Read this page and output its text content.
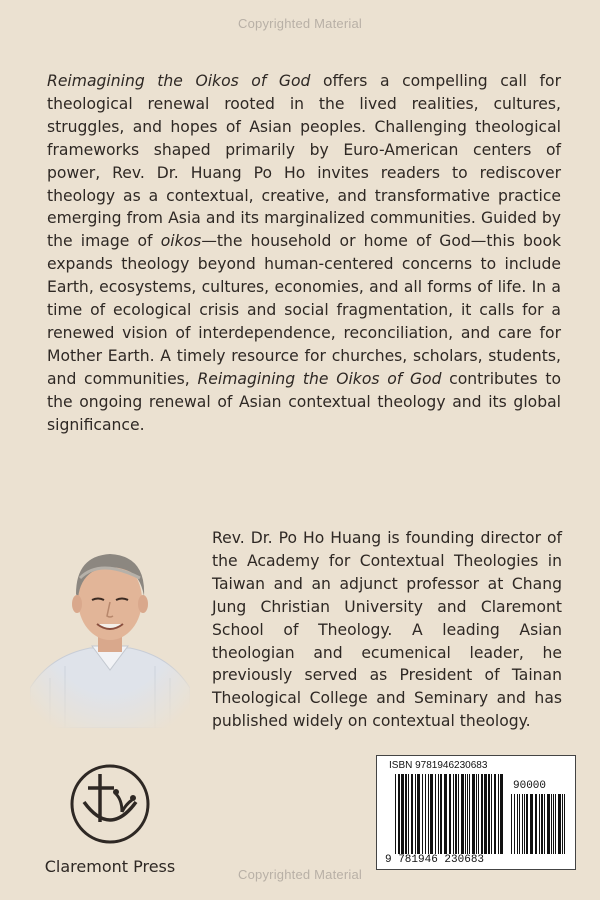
Copyrighted Material

Reimagining the Oikos of God offers a compelling call for theological renewal rooted in the lived realities, cultures, struggles, and hopes of Asian peoples. Challenging theological frameworks shaped primarily by Euro-American centers of power, Rev. Dr. Huang Po Ho invites readers to rediscover theology as a contextual, creative, and transformative practice emerging from Asia and its marginalized communities. Guided by the image of oikos—the household or home of God—this book expands theology beyond human-centered concerns to include Earth, ecosystems, cultures, economies, and all forms of life. In a time of ecological crisis and social fragmentation, it calls for a renewed vision of interdependence, reconciliation, and care for Mother Earth. A timely resource for churches, scholars, students, and communities, Reimagining the Oikos of God contributes to the ongoing renewal of Asian contextual theology and its global significance.

Rev. Dr. Po Ho Huang is founding director of the Academy for Contextual Theologies in Taiwan and an adjunct professor at Chang Jung Christian University and Claremont School of Theology. A leading Asian theologian and ecumenical leader, he previously served as President of Tainan Theological College and Seminary and has published widely on contextual theology.
Claremont Press
ISBN 9781946230683
90000
9 781946 230683
Copyrighted Material
